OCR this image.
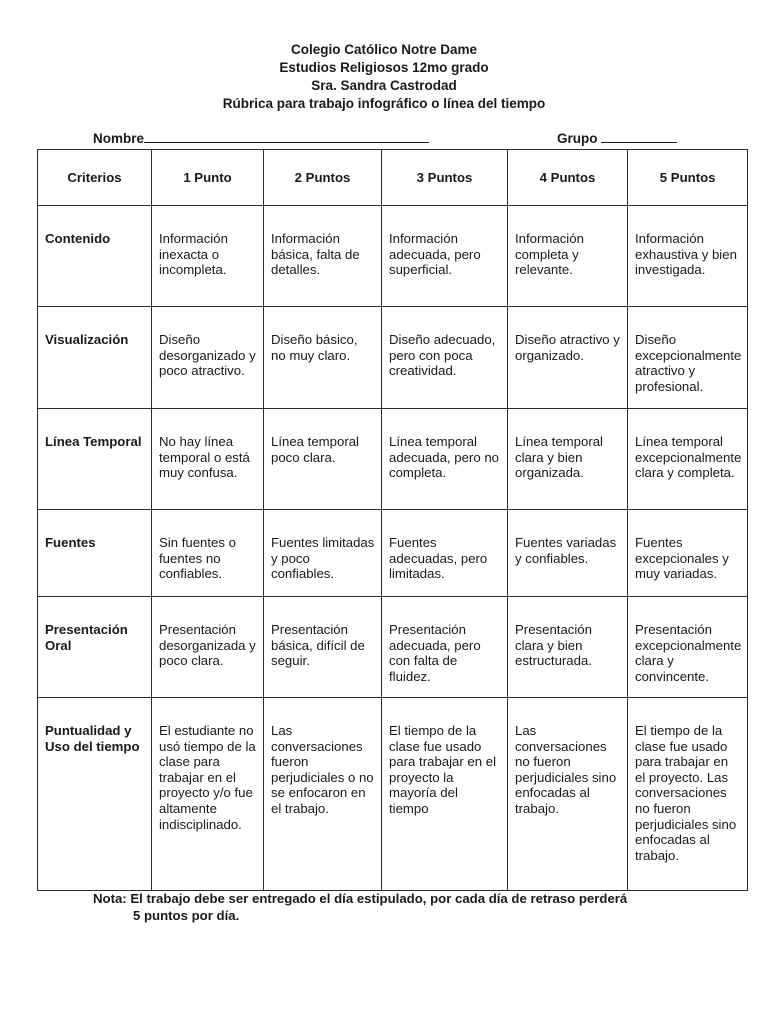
Colegio Católico Notre Dame
Estudios Religiosos 12mo grado
Sra. Sandra Castrodad
Rúbrica para trabajo infográfico o línea del tiempo
Nombre	Grupo
Criterios	1 Punto	2 Puntos	3 Puntos	4 Puntos	5 Puntos
Contenido	Información inexacta o incompleta.	Información básica, falta de detalles.	Información adecuada, pero superficial.	Información completa y relevante.	Información exhaustiva y bien investigada.
Visualización	Diseño desorganizado y poco atractivo.	Diseño básico, no muy claro.	Diseño adecuado, pero con poca creatividad.	Diseño atractivo y organizado.	Diseño excepcionalmente atractivo y profesional.
Línea Temporal	No hay línea temporal o está muy confusa.	Línea temporal poco clara.	Línea temporal adecuada, pero no completa.	Línea temporal clara y bien organizada.	Línea temporal excepcionalmente clara y completa.
Fuentes	Sin fuentes o fuentes no confiables.	Fuentes limitadas y poco confiables.	Fuentes adecuadas, pero limitadas.	Fuentes variadas y confiables.	Fuentes excepcionales y muy variadas.
Presentación Oral	Presentación desorganizada y poco clara.	Presentación básica, difícil de seguir.	Presentación adecuada, pero con falta de fluidez.	Presentación clara y bien estructurada.	Presentación excepcionalmente clara y convincente.
Puntualidad y Uso del tiempo	El estudiante no usó tiempo de la clase para trabajar en el proyecto y/o fue altamente indisciplinado.	Las conversaciones fueron perjudiciales o no se enfocaron en el trabajo.	El tiempo de la clase fue usado para trabajar en el proyecto la mayoría del tiempo	Las conversaciones no fueron perjudiciales sino enfocadas al trabajo.	El tiempo de la clase fue usado para trabajar en el proyecto. Las conversaciones no fueron perjudiciales sino enfocadas al trabajo.
Nota: El trabajo debe ser entregado el día estipulado, por cada día de retraso perderá
5 puntos por día.
